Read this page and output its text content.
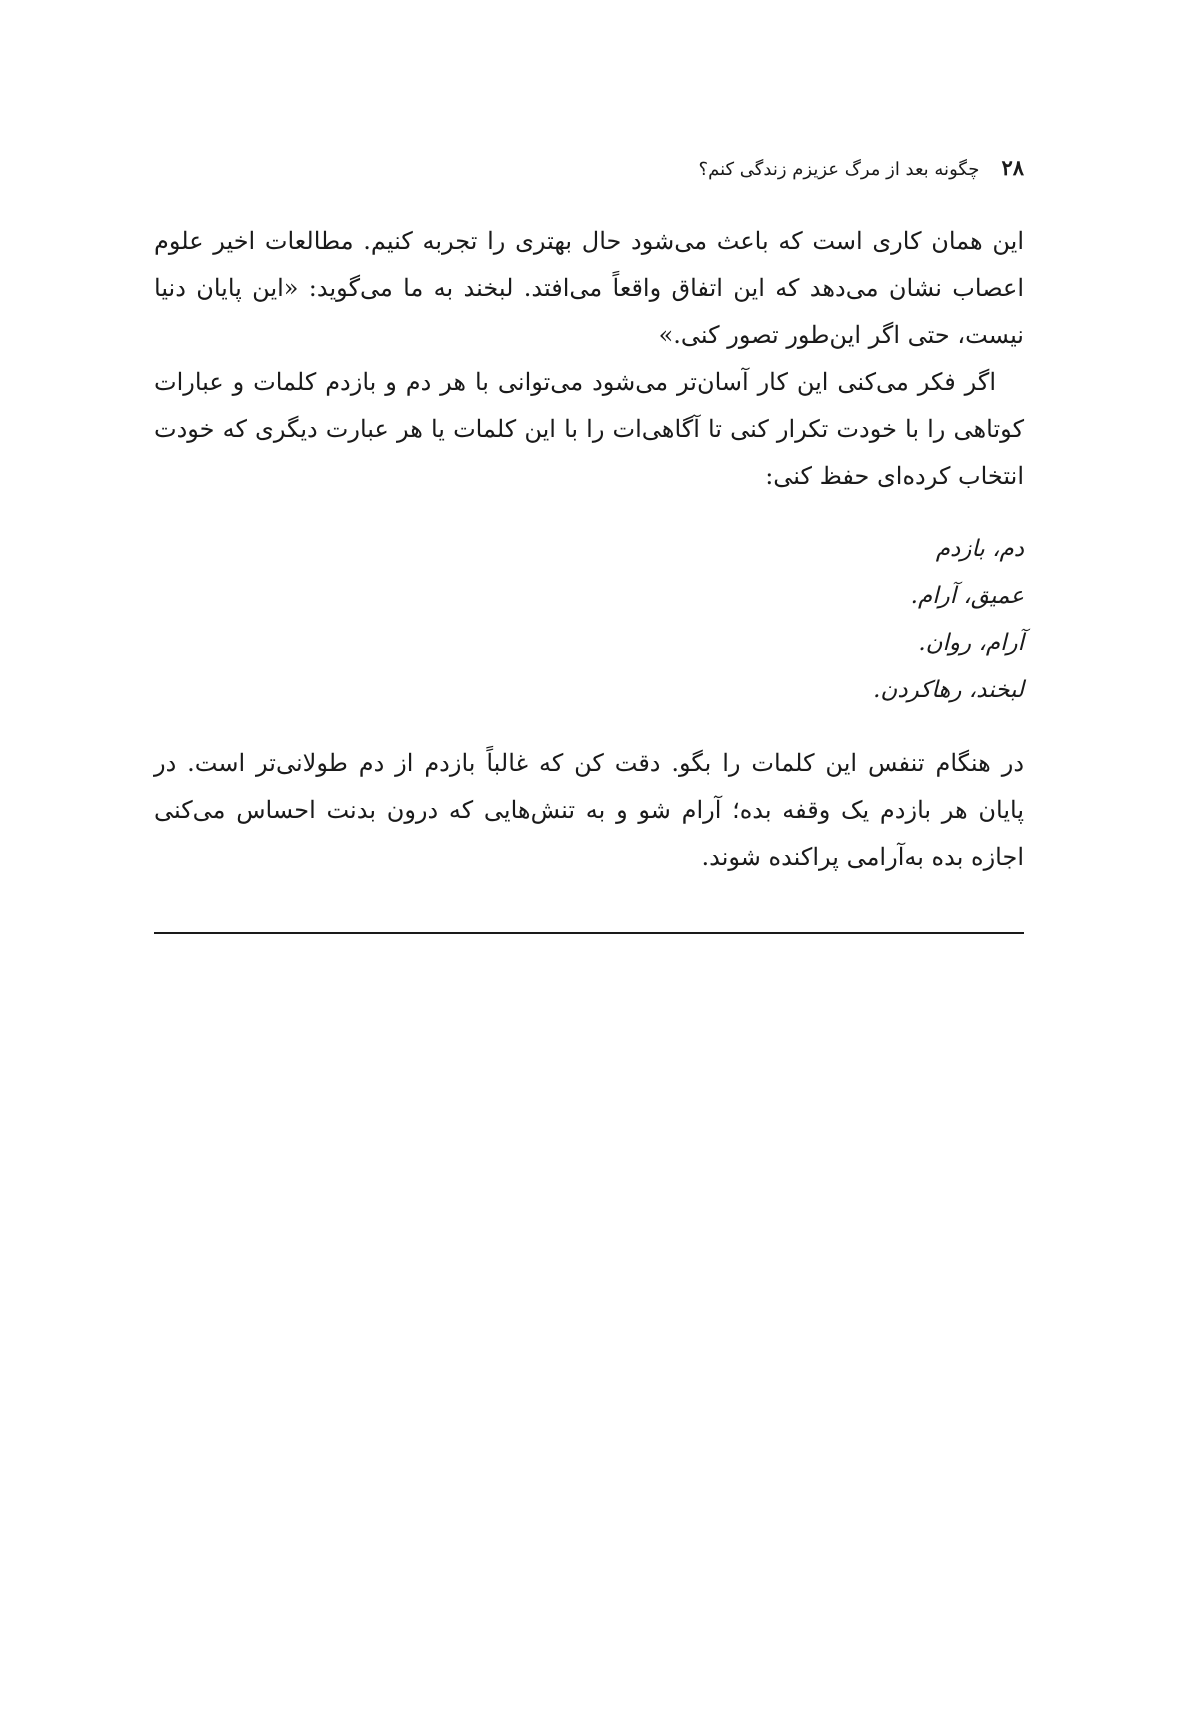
۲۸
چگونه بعد از مرگ عزیزم زندگی کنم؟

این همان کاری است که باعث می‌شود حال بهتری را تجربه کنیم. مطالعات اخیر علوم اعصاب نشان می‌دهد که این اتفاق واقعاً می‌افتد. لبخند به ما می‌گوید: «این پایان دنیا نیست، حتی اگر این‌طور تصور کنی.»

اگر فکر می‌کنی این کار آسان‌تر می‌شود می‌توانی با هر دم و بازدم کلمات و عبارات کوتاهی را با خودت تکرار کنی تا آگاهی‌ات را با این کلمات یا هر عبارت دیگری که خودت انتخاب کرده‌ای حفظ کنی:

دم، بازدم
عمیق، آرام.
آرام، روان.
لبخند، رهاکردن.

در هنگام تنفس این کلمات را بگو. دقت کن که غالباً بازدم از دم طولانی‌تر است. در پایان هر بازدم یک وقفه بده؛ آرام شو و به تنش‌هایی که درون بدنت احساس می‌کنی اجازه بده به‌آرامی پراکنده شوند.
